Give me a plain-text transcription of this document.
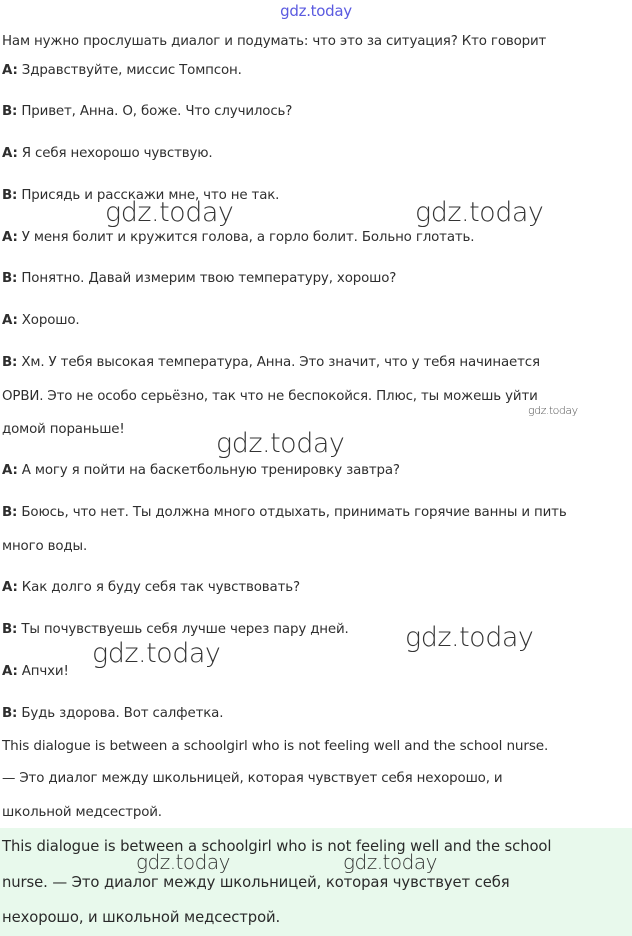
gdz.today
Нам нужно прослушать диалог и подумать: что это за ситуация? Кто говорит
A: Здравствуйте, миссис Томпсон.
B: Привет, Анна. О, боже. Что случилось?
A: Я себя нехорошо чувствую.
B: Присядь и расскажи мне, что не так.
A: У меня болит и кружится голова, а горло болит. Больно глотать.
B: Понятно. Давай измерим твою температуру, хорошо?
A: Хорошо.
B: Хм. У тебя высокая температура, Анна. Это значит, что у тебя начинается
ОРВИ. Это не особо серьёзно, так что не беспокойся. Плюс, ты можешь уйти
домой пораньше!
A: А могу я пойти на баскетбольную тренировку завтра?
B: Боюсь, что нет. Ты должна много отдыхать, принимать горячие ванны и пить
много воды.
A: Как долго я буду себя так чувствовать?
B: Ты почувствуешь себя лучше через пару дней.
A: Апчхи!
B: Будь здорова. Вот салфетка.
This dialogue is between a schoolgirl who is not feeling well and the school nurse.
— Это диалог между школьницей, которая чувствует себя нехорошо, и
школьной медсестрой.
This dialogue is between a schoolgirl who is not feeling well and the school
nurse. — Это диалог между школьницей, которая чувствует себя
нехорошо, и школьной медсестрой.
gdz.today	gdz.today
gdz.today
gdz.today
gdz.today
gdz.today
gdz.today	gdz.today
